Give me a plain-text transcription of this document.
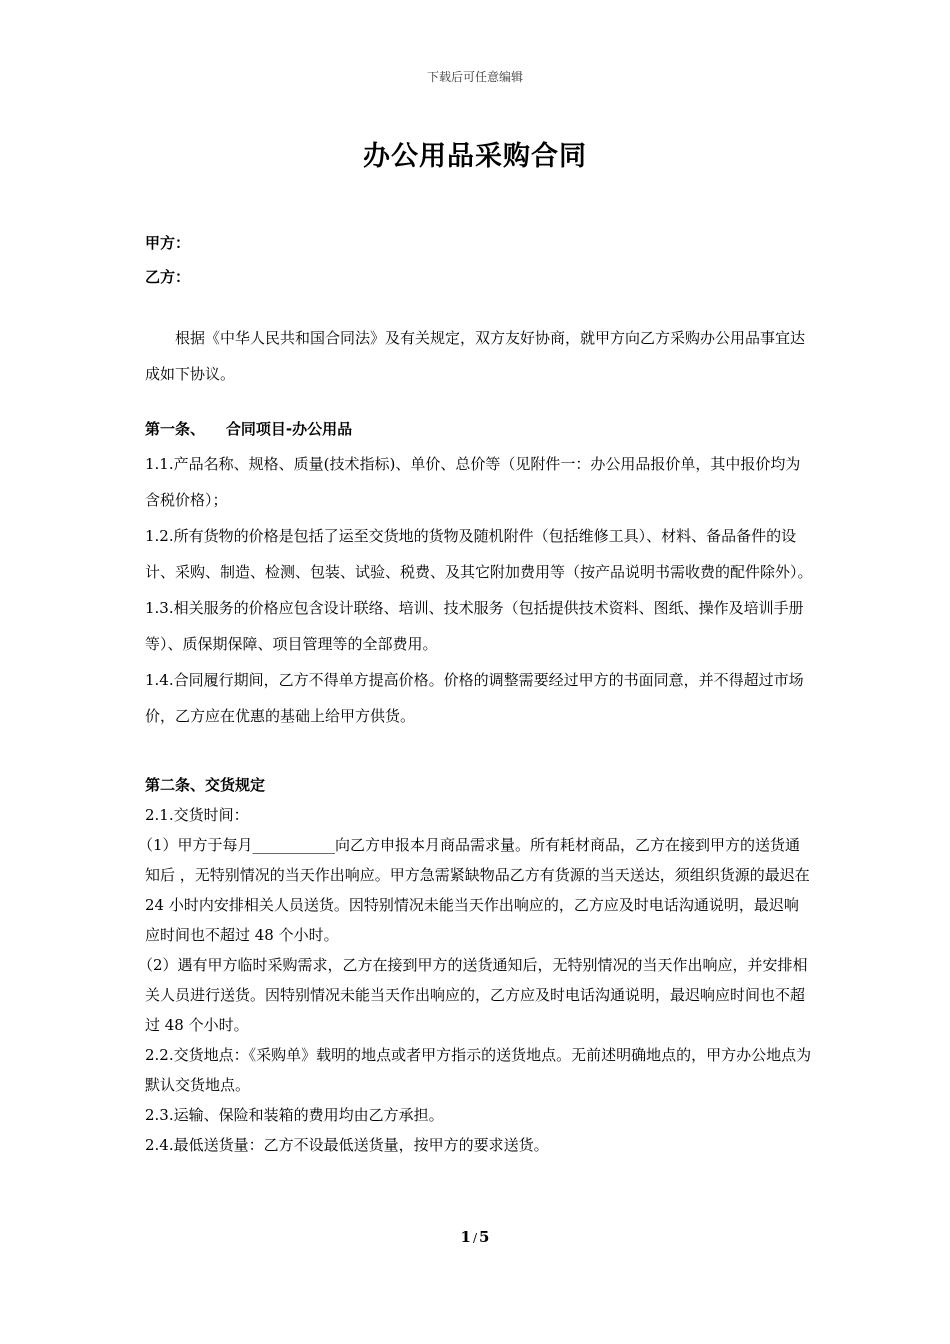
下载后可任意编辑
办公用品采购合同
甲方：
乙方：
根据《中华人民共和国合同法》及有关规定，双方友好协商，就甲方向乙方采购办公用品事宜达成如下协议。
第一条、    合同项目-办公用品
1.1.产品名称、规格、质量(技术指标)、单价、总价等（见附件一：办公用品报价单，其中报价均为含税价格）；
1.2.所有货物的价格是包括了运至交货地的货物及随机附件（包括维修工具）、材料、备品备件的设计、采购、制造、检测、包装、试验、税费、及其它附加费用等（按产品说明书需收费的配件除外）。
1.3.相关服务的价格应包含设计联络、培训、技术服务（包括提供技术资料、图纸、操作及培训手册等）、质保期保障、项目管理等的全部费用。
1.4.合同履行期间，乙方不得单方提高价格。价格的调整需要经过甲方的书面同意，并不得超过市场价，乙方应在优惠的基础上给甲方供货。
第二条、交货规定
2.1.交货时间：
（1）甲方于每月___________向乙方申报本月商品需求量。所有耗材商品，乙方在接到甲方的送货通知后 ，无特别情况的当天作出响应。甲方急需紧缺物品乙方有货源的当天送达，须组织货源的最迟在 24 小时内安排相关人员送货。因特别情况未能当天作出响应的，乙方应及时电话沟通说明，最迟响应时间也不超过 48 个小时。
（2）遇有甲方临时采购需求，乙方在接到甲方的送货通知后，无特别情况的当天作出响应，并安排相关人员进行送货。因特别情况未能当天作出响应的，乙方应及时电话沟通说明，最迟响应时间也不超过 48 个小时。
2.2.交货地点：《采购单》载明的地点或者甲方指示的送货地点。无前述明确地点的，甲方办公地点为默认交货地点。
2.3.运输、保险和装箱的费用均由乙方承担。
2.4.最低送货量：乙方不设最低送货量，按甲方的要求送货。
1 / 5
